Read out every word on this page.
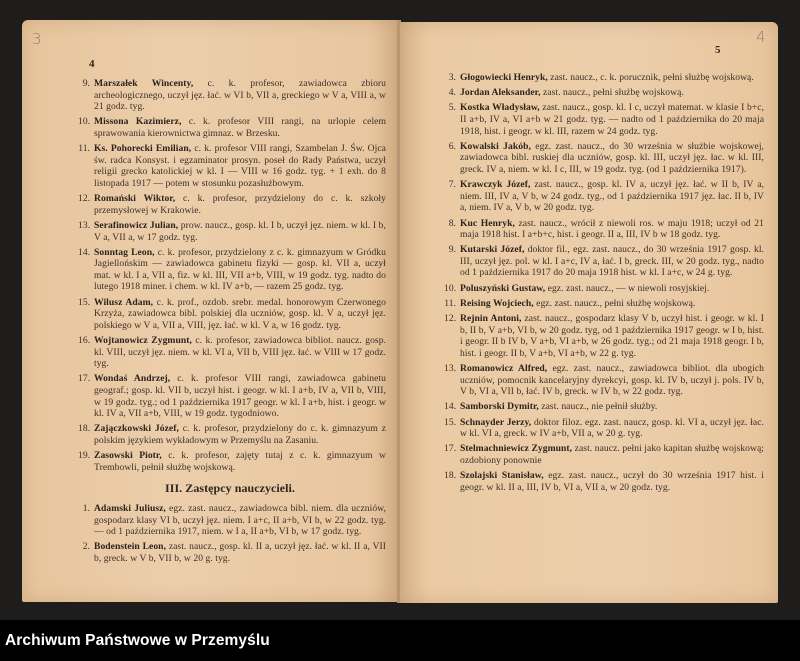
3
4
9. Marszałek Wincenty, c. k. profesor, zawiadowca zbioru archeologicznego, uczył jęz. łać. w VI b, VII a, greckiego w V a, VIII a, w 21 godz. tyg.
10. Missona Kazimierz, c. k. profesor VIII rangi, na urlopie celem sprawowania kierownictwa gimnaz. w Brzesku.
11. Ks. Pohorecki Emilian, c. k. profesor VIII rangi, Szambelan J. Św. Ojca św. radca Konsyst. i egzaminator prosyn. poseł do Rady Państwa, uczył religii grecko katolickiej w kl. I — VIII w 16 godz. tyg. + 1 exh. do 8 listopada 1917 — potem w stosunku pozasłużbowym.
12. Romański Wiktor, c. k. profesor, przydzielony do c. k. szkoły przemysłowej w Krakowie.
13. Serafinowicz Julian, prow. naucz., gosp. kl. I b, uczył jęz. niem. w kl. I b, V a, VII a, w 17 godz. tyg.
14. Sonntag Leon, c. k. profesor, przydzielony z c. k. gimnazyum w Gródku Jagiellońskim — zawiadowca gabinetu fizyki — gosp. kl. VII a, uczył mat. w kl. I a, VII a, fiz. w kl. III, VII a+b, VIII, w 19 godz. tyg. nadto do lutego 1918 miner. i chem. w kl. IV a+b, — razem 25 godz. tyg.
15. Wilusz Adam, c. k. prof., ozdob. srebr. medal. honorowym Czerwonego Krzyża, zawiadowca bibl. polskiej dla uczniów, gosp. kl. V a, uczył jęz. polskiego w V a, VII a, VIII, jęz. łać. w kl. V a, w 16 godz. tyg.
16. Wojtanowicz Zygmunt, c. k. profesor, zawiadowca bibliot. naucz. gosp. kl. VIII, uczył jęz. niem. w kl. VI a, VII b, VIII jęz. łać. w VIII w 17 godz. tyg.
17. Wondaś Andrzej, c. k. profesor VIII rangi, zawiadowca gabinetu geograf.; gosp. kl. VII b, uczył hist. i geogr. w kl. I a+b, IV a, VII b, VIII, w 19 godz. tyg.; od 1 października 1917 geogr. w kl. I a+b, hist. i geogr. w kl. IV a, VII a+b, VIII, w 19 godz. tygodniowo.
18. Zajączkowski Józef, c. k. profesor, przydzielony do c. k. gimnazyum z polskim językiem wykładowym w Przemyślu na Zasaniu.
19. Zasowski Piotr, c. k. profesor, zajęty tutaj z c. k. gimnazyum w Trembowli, pełnił służbę wojskową.
III. Zastępcy nauczycieli.
1. Adamski Juliusz, egz. zast. naucz., zawiadowca bibl. niem. dla uczniów, gospodarz klasy VI b, uczył jęz. niem. I a+c, II a+b, VI b, w 22 godz. tyg. — od 1 października 1917, niem. w I a, II a+b, VI b, w 17 godz. tyg.
2. Bodenstein Leon, zast. naucz., gosp. kl. II a, uczył jęz. łać. w kl. II a, VII b, greck. w V b, VII b, w 20 g. tyg.
4
5
3. Głogowiecki Henryk, zast. naucz., c. k. porucznik, pełni służbę wojskową.
4. Jordan Aleksander, zast. naucz., pełni służbę wojskową.
5. Kostka Władysław, zast. naucz., gosp. kl. I c, uczył matemat. w klasie I b+c, II a+b, IV a, VI a+b w 21 godz. tyg. — nadto od 1 października do 20 maja 1918, hist. i geogr. w kl. III, razem w 24 godz. tyg.
6. Kowalski Jakób, egz. zast. naucz., do 30 września w służbie wojskowej, zawiadowca bibl. ruskiej dla uczniów, gosp. kl. III, uczył jęz. łac. w kl. III, greck. IV a, niem. w kl. I c, III, w 19 godz. tyg. (od 1 października 1917).
7. Krawczyk Józef, zast. naucz., gosp. kl. IV a, uczył jęz. łać. w II b, IV a, niem. III, IV a, V b, w 24 godz. tyg., od 1 października 1917 jęz. łac. II b, IV a, niem. IV a, V b, w 20 godz. tyg.
8. Kuc Henryk, zast. naucz., wrócił z niewoli ros. w maju 1918; uczył od 21 maja 1918 hist. I a+b+c, hist. i geogr. II a, III, IV b w 18 godz. tyg.
9. Kutarski Józef, doktor fil., egz. zast. naucz., do 30 września 1917 gosp. kl. III, uczył jęz. pol. w kl. I a+c, IV a, łać. I b, greck. III, w 20 godz. tyg., nadto od 1 października 1917 do 20 maja 1918 hist. w kl. I a+c, w 24 g. tyg.
10. Poluszyński Gustaw, egz. zast. naucz., — w niewoli rosyjskiej.
11. Reising Wojciech, egz. zast. naucz., pełni służbę wojskową.
12. Rejnin Antoni, zast. naucz., gospodarz klasy V b, uczył hist. i geogr. w kl. I b, II b, V a+b, VI b, w 20 godz. tyg, od 1 października 1917 geogr. w I b, hist. i geogr. II b IV b, V a+b, VI a+b, w 26 godz. tyg.; od 21 maja 1918 geogr. I b, hist. i geogr. II b, V a+b, VI a+b, w 22 g. tyg.
13. Romanowicz Alfred, egz. zast. naucz., zawiadowca bibliot. dla ubogich uczniów, pomocnik kancelaryjny dyrekcyi, gosp. kl. IV b, uczył j. pols. IV b, V b, VI a, VII b, łać. IV b, greck. w IV b, w 22 godz. tyg.
14. Samborski Dymitr, zast. naucz., nie pełnił służby.
15. Schnayder Jerzy, doktor filoz. egz. zast. naucz, gosp. kl. VI a, uczył jęz. łac. w kl. VI a, greck. w IV a+b, VII a, w 20 g. tyg.
17. Stelmachniewicz Zygmunt, zast. naucz. pełni jako kapitan służbę wojskową; ozdobiony ponownie
18. Szolajski Stanisław, egz. zast. naucz., uczył do 30 września 1917 hist. i geogr. w kl. II a, III, IV b, VI a, VII a, w 20 godz. tyg.
Archiwum Państwowe w Przemyślu
